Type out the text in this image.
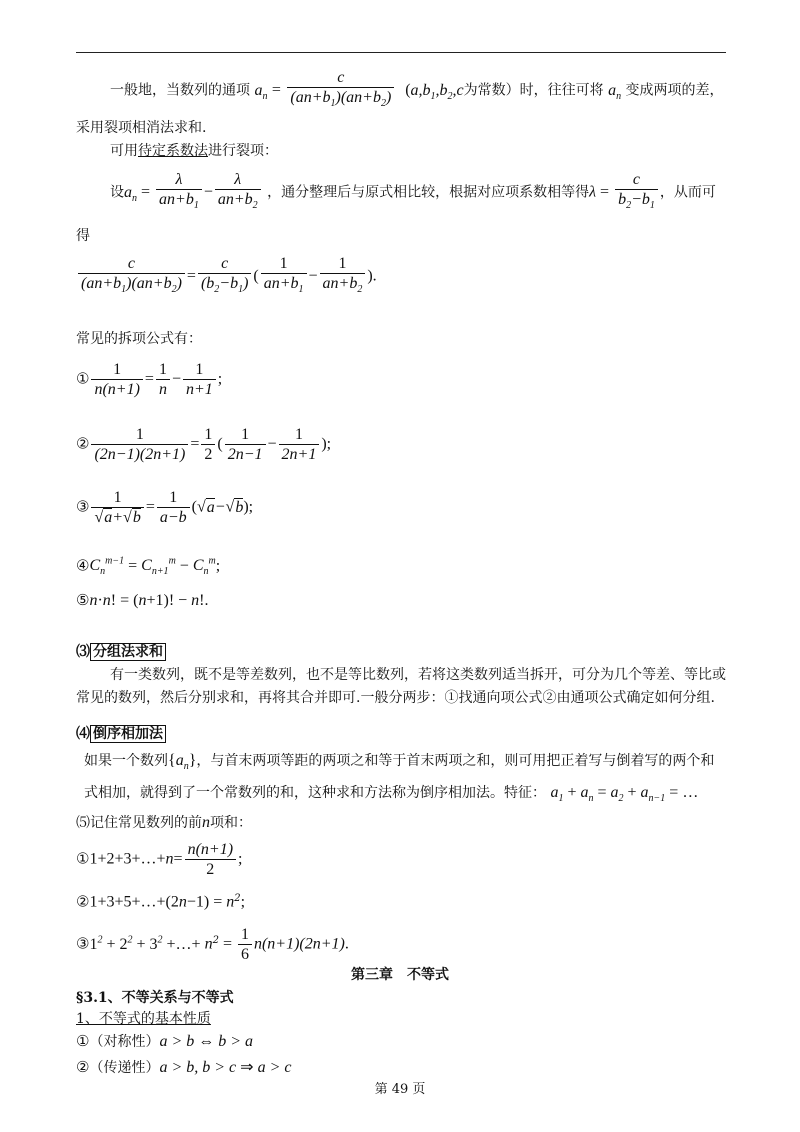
一般地，当数列的通项 $a_n = \frac{c}{(an+b_1)(an+b_2)} (a,b_1,b_2,c$为常数）时，往往可将 $a_n$ 变成两项的差，
采用裂项相消法求和.
可用待定系数法进行裂项：
设$a_n = \frac{\lambda}{an+b_1} - \frac{\lambda}{an+b_2}$ ，通分整理后与原式相比较，根据对应项系数相等得$\lambda = \frac{c}{b_2-b_1}$ ，从而可
得
$\frac{c}{(an+b_1)(an+b_2)} = \frac{c}{(b_2-b_1)}$ ( $\frac{1}{an+b_1} - \frac{1}{an+b_2}$ ).
常见的拆项公式有：
① $\frac{1}{n(n+1)} = \frac{1}{n} - \frac{1}{n+1}$ ;
② $\frac{1}{(2n-1)(2n+1)} = \frac{1}{2}$ ( $\frac{1}{2n-1} - \frac{1}{2n+1}$ );
③ $\frac{1}{√a+√b} = \frac{1}{a-b} (√a-√b)$;
$④C_n^{m-1} = C_{n+1}^m - C_n^m$;
⑤n·n! = (n+1)! − n!.
⑶ 分组法求和
有一类数列，既不是等差数列，也不是等比数列，若将这类数列适当拆开，可分为几个等差、等比或
常见的数列，然后分别求和，再将其合并即可.一般分两步：①找通向项公式②由通项公式确定如何分组.
⑷ 倒序相加法
如果一个数列$\{a_n\}$，与首末两项等距的两项之和等于首末两项之和，则可用把正着写与倒着写的两个和
式相加，就得到了一个常数列的和，这种求和方法称为倒序相加法。特征： $a_1 + a_n = a_2 + a_{n-1}$ = …
⑸记住常见数列的前n项和：
①1+2+3+…+n= $\frac{n(n+1)}{2}$ ;
②1+3+5+…+(2n−1) = $n^2$;
$③1^2 + 2^2 + 3^2$ +…+ $n^2 = \frac{1}{6} n(n+1)(2n+1)$.
第三章　不等式
§3.1、不等关系与不等式
1、不等式的基本性质
①（对称性）a > b ⇔ b > a
②（传递性）a > b, b > c ⇒ a > c
第 49 页
